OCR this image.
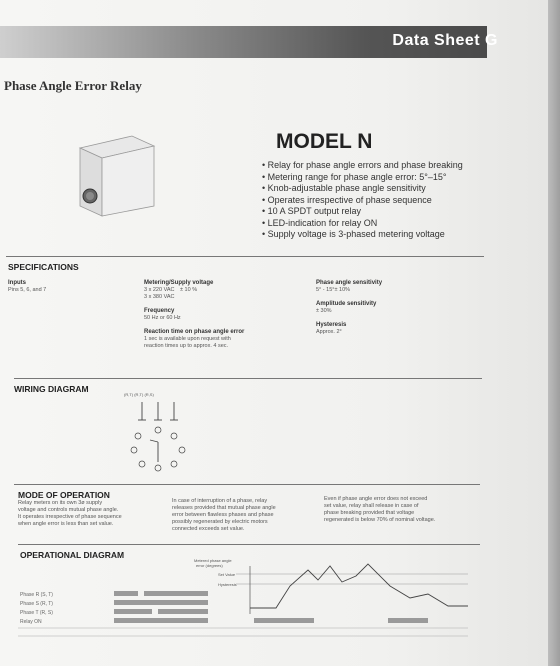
Data Sheet G
Phase Angle Error Relay
MODEL N
• Relay for phase angle errors and phase breaking
• Metering range for phase angle error: 5°–15°
• Knob-adjustable phase angle sensitivity
• Operates irrespective of phase sequence
• 10 A SPDT output relay
• LED-indication for relay ON
• Supply voltage is 3-phased metering voltage
SPECIFICATIONS
Inputs
Pins 5, 6, and 7
Metering/Supply voltage
3 x 220 VAC ± 10 %
3 x 380 VAC

Frequency
50 Hz or 60 Hz

Reaction time on phase angle error
1 sec is available upon request with
reaction times up to approx. 4 sec.
Phase angle sensitivity
5° - 15°± 10%

Amplitude sensitivity
± 30%

Hysteresis
Approx. 2°
WIRING DIAGRAM
(R,T) (R,T) (R,S)
MODE OF OPERATION
Relay meters on its own 3ø supply
voltage and controls mutual phase angle.
It operates irrespective of phase sequence
when angle error is less than set value.
In case of interruption of a phase, relay
releases provided that mutual phase angle
error between flawless phases and phase
possibly regenerated by electric motors
connected exceeds set value.
Even if phase angle error does not exceed
set value, relay shall release in case of
phase breaking provided that voltage
regenerated is below 70% of nominal voltage.
OPERATIONAL DIAGRAM
Metered phase angle
error (degrees)
Set Value
Hysteresis
Phase R (S, T)
Phase S (R, T)
Phase T (R, S)
Relay ON
